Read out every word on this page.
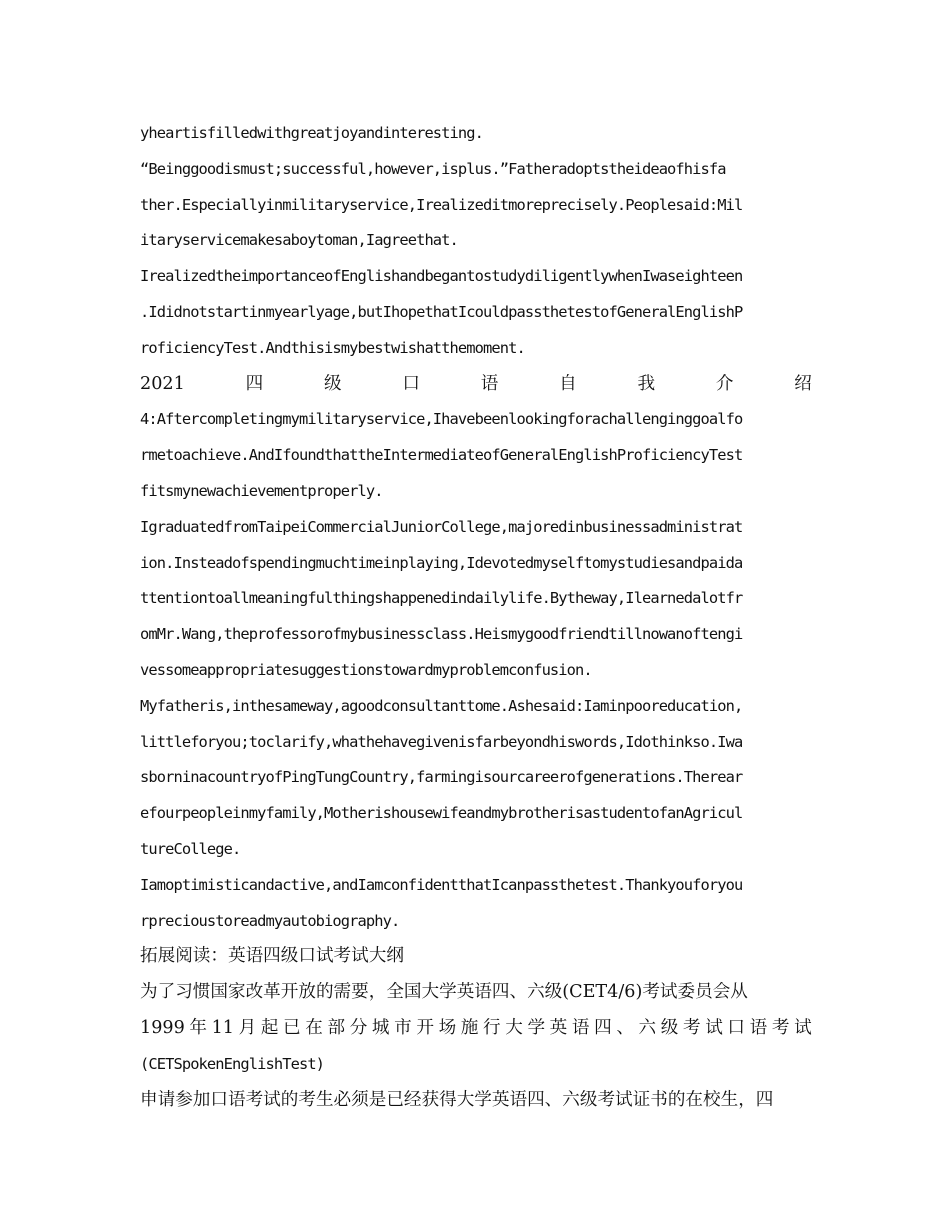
yheartisfilledwithgreatjoyandinteresting.
“Beinggoodismust;successful,however,isplus.”Fatheradoptstheideaofhisfa
ther.Especiallyinmilitaryservice,Irealizeditmoreprecisely.Peoplesaid:Mil
itaryservicemakesaboytoman,Iagreethat.
IrealizedtheimportanceofEnglishandbegantostudydiligentlywhenIwaseighteen
.Ididnotstartinmyearlyage,butIhopethatIcouldpassthetestofGeneralEnglishP
roficiencyTest.Andthisismybestwishatthemoment.
2021	四	级	口	语	自	我	介	绍
4:Aftercompletingmymilitaryservice,Ihavebeenlookingforachallenginggoalfo
rmetoachieve.AndIfoundthattheIntermediateofGeneralEnglishProficiencyTest
fitsmynewachievementproperly.
IgraduatedfromTaipeiCommercialJuniorCollege,majoredinbusinessadministrat
ion.Insteadofspendingmuchtimeinplaying,Idevotedmyselftomystudiesandpaida
ttentiontoallmeaningfulthingshappenedindailylife.Bytheway,Ilearnedalotfr
omMr.Wang,theprofessorofmybusinessclass.Heismygoodfriendtillnowanoftengi
vessomeappropriatesuggestionstowardmyproblemconfusion.
Myfatheris,inthesameway,agoodconsultanttome.Ashesaid:Iaminpooreducation,
littleforyou;toclarify,whathehavegivenisfarbeyondhiswords,Idothinkso.Iwa
sborninacountryofPingTungCountry,farmingisourcareerofgenerations.Therear
efourpeopleinmyfamily,MotherishousewifeandmybrotherisastudentofanAgricul
tureCollege.
Iamoptimisticandactive,andIamconfidentthatIcanpassthetest.Thankyouforyou
rprecioustoreadmyautobiography.
拓展阅读：英语四级口试考试大纲
为了习惯国家改革开放的需要，全国大学英语四、六级(CET4/6)考试委员会从
1999 年 11 月 起 已 在 部 分 城 市 开 场 施 行 大 学 英 语 四 、 六 级 考 试 口 语 考 试
(CETSpokenEnglishTest)
申请参加口语考试的考生必须是已经获得大学英语四、六级考试证书的在校生，四
